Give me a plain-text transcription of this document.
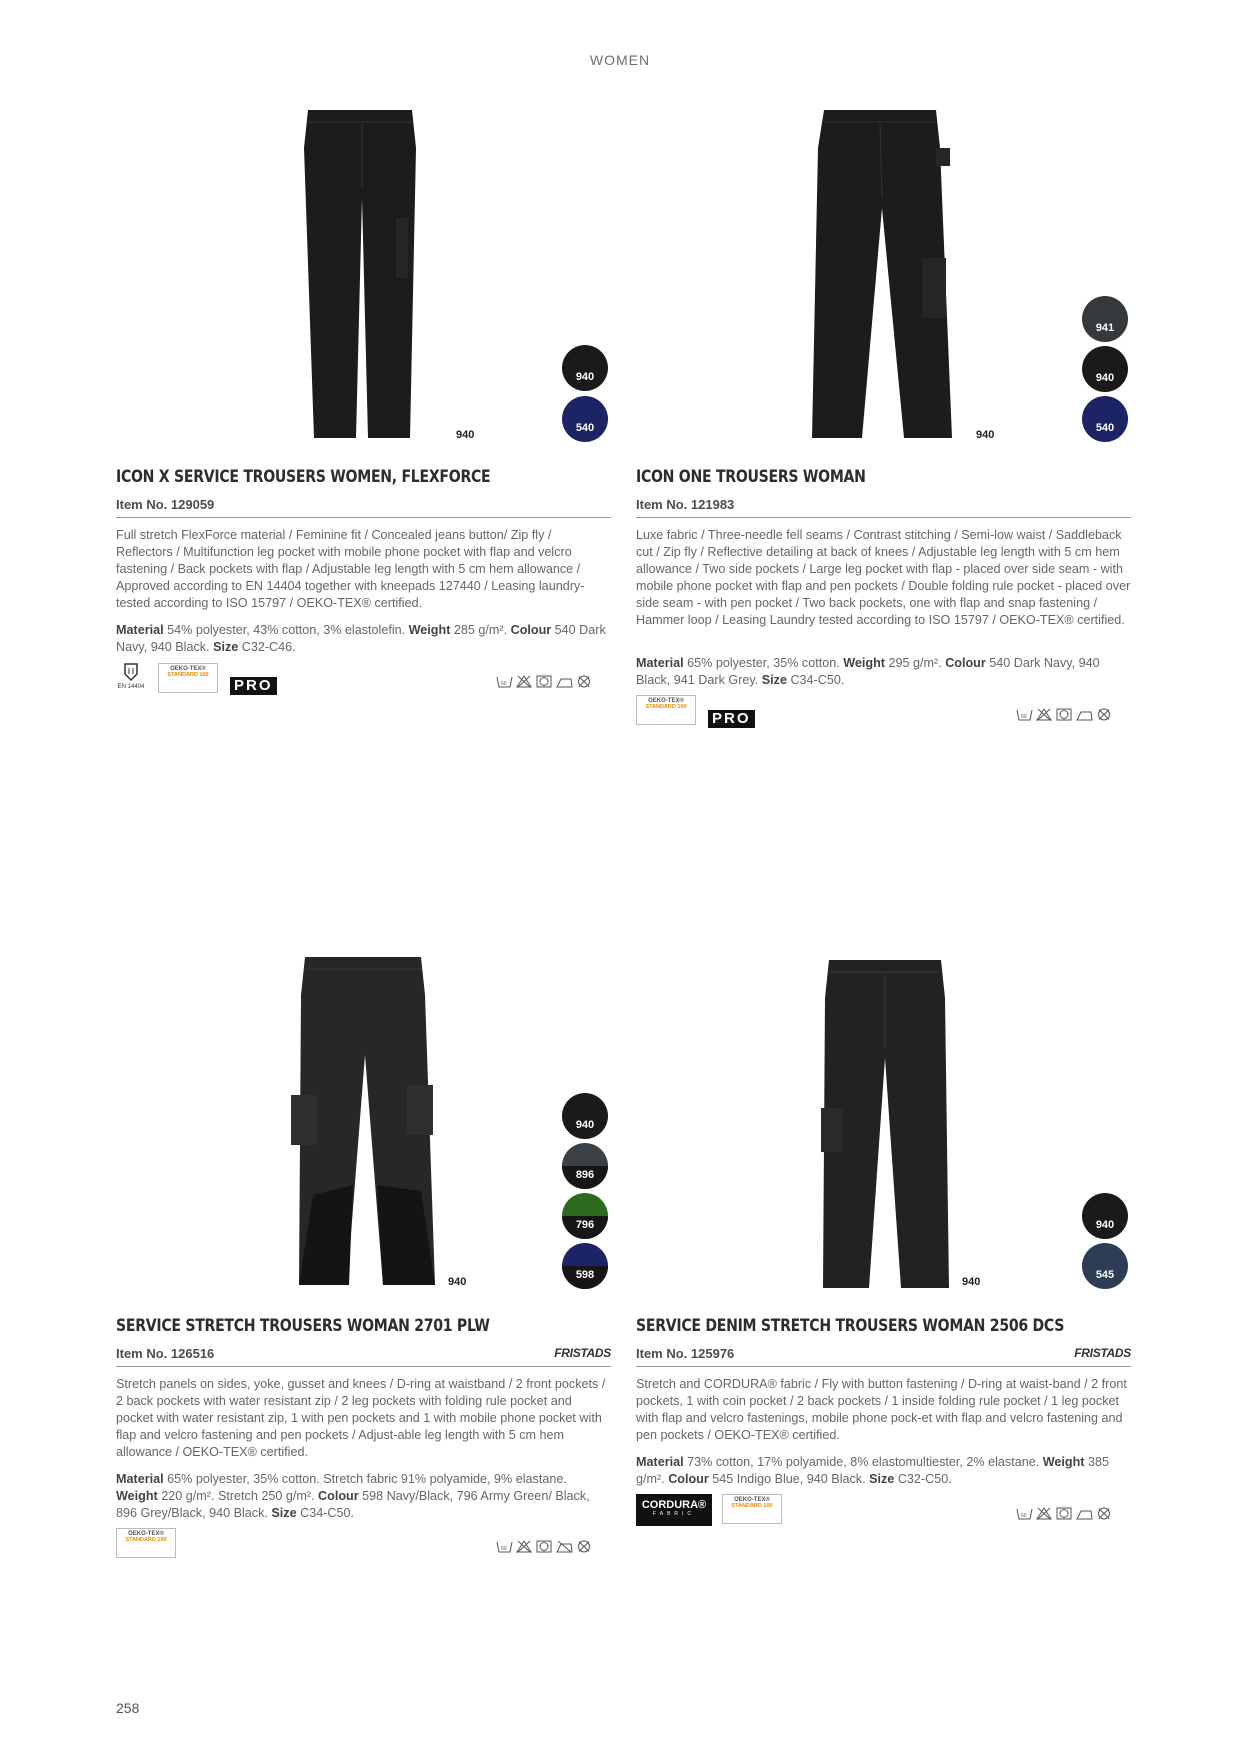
WOMEN
940
940
540
ICON X SERVICE TROUSERS WOMEN, FLEXFORCE
Item No. 129059
Full stretch FlexForce material / Feminine fit / Concealed jeans button/ Zip fly / Reflectors / Multifunction leg pocket with mobile phone pocket with flap and velcro fastening / Back pockets with flap / Adjustable leg length with 5 cm hem allowance / Approved according to EN 14404 together with kneepads 127440 / Leasing laundry-tested according to ISO 15797 / OEKO-TEX® certified.
Material 54% polyester, 43% cotton, 3% elastolefin. Weight 285 g/m². Colour 540 Dark Navy, 940 Black. Size C32-C46.
EN 14404
OEKO-TEX®
STANDARD 100
PRO	60
940
941
940
540
ICON ONE TROUSERS WOMAN
Item No. 121983
Luxe fabric / Three-needle fell seams / Contrast stitching / Semi-low waist / Saddleback cut / Zip fly / Reflective detailing at back of knees / Adjustable leg length with 5 cm hem allowance / Two side pockets / Large leg pocket with flap - placed over side seam - with mobile phone pocket with flap and pen pockets / Double folding rule pocket - placed over side seam - with pen pocket / Two back pockets, one with flap and snap fastening / Hammer loop / Leasing Laundry tested according to ISO 15797 / OEKO-TEX® certified.
Material 65% polyester, 35% cotton. Weight 295 g/m². Colour 540 Dark Navy, 940 Black, 941 Dark Grey. Size C34-C50.
OEKO-TEX®
STANDARD 100
PRO	60
940
940
896
796
598
SERVICE STRETCH TROUSERS WOMAN 2701 PLW
Item No. 126516	FRISTADS
Stretch panels on sides, yoke, gusset and knees / D-ring at waistband / 2 front pockets / 2 back pockets with water resistant zip / 2 leg pockets with folding rule pocket and pocket with water resistant zip, 1 with pen pockets and 1 with mobile phone pocket with flap and velcro fastening and pen pockets / Adjust-able leg length with 5 cm hem allowance / OEKO-TEX® certified.
Material 65% polyester, 35% cotton. Stretch fabric 91% polyamide, 9% elastane. Weight 220 g/m². Stretch 250 g/m². Colour 598 Navy/Black, 796 Army Green/ Black, 896 Grey/Black, 940 Black. Size C34-C50.
OEKO-TEX®
STANDARD 100
60
940
940
545
SERVICE DENIM STRETCH TROUSERS WOMAN 2506 DCS
Item No. 125976	FRISTADS
Stretch and CORDURA® fabric / Fly with button fastening / D-ring at waist-band / 2 front pockets, 1 with coin pocket / 2 back pockets / 1 inside folding rule pocket / 1 leg pocket with flap and velcro fastenings, mobile phone pock-et with flap and velcro fastening and pen pockets / OEKO-TEX® certified.
Material 73% cotton, 17% polyamide, 8% elastomultiester, 2% elastane. Weight 385 g/m². Colour 545 Indigo Blue, 940 Black. Size C32-C50.
CORDURA®
FABRIC
OEKO-TEX®
STANDARD 100
60
258
